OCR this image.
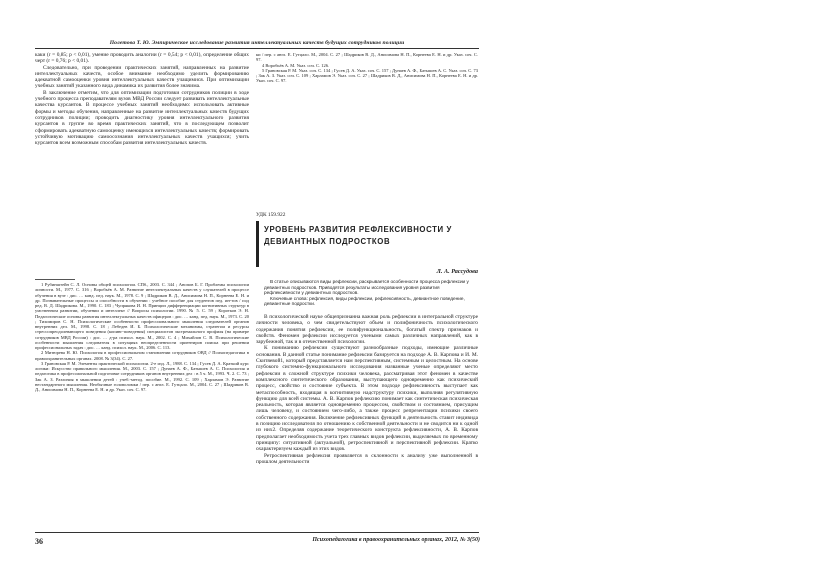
Полетова Т. Ю. Эмпирическое исследование развития интеллектуальных качеств будущих сотрудников полиции

каки (r = 0,85; p < 0,01), умение проводить аналогии (r = 0,54; p < 0,01), определение общих черт (r = 0,76; p < 0,01).

Следовательно, при проведении практических занятий, направленных на развитие интеллектуальных качеств, особое внимание необходимо уделить формированию адекватной самооценки уровня интеллектуальных качеств учащимися. При оптимизации учебных занятий указанного вида динамика их развития более значима.

В заключение отметим, что для оптимизации подготовки сотрудников полиции в ходе учебного процесса преподавателям вузов МВД России следует развивать интеллектуальные качества курсантов. В процессе учебных занятий необходимо: использовать активные формы и методы обучения, направленные на развитие интеллектуальных качеств будущих сотрудников полиции; проводить диагностику уровня интеллектуального развития курсантов в группе во время практических занятий, что в последующем позволит сформировать адекватную самооценку имеющихся интеллектуальных качеств; формировать устойчивую мотивацию самоосознания интеллектуальных качеств учащихся; учить курсантов всем возможным способам развития интеллектуальных качеств.

1 Рубинштейн С. Л. Основы общей психологии. СПб., 2003. С. 344 ; Анопов Б. Г. Проблемы психологии личности. М., 1977. С. 316 ; Воробьёв А. М. Развитие интеллектуальных качеств у слушателей в процессе обучения в вузе : дис. … канд. пед. наук. М., 1978. С. 9 ; Шадриков В. Д., Анисимова Н. П., Корнеева Е. Н. и др. Познавательные процессы и способности в обучении : учебное пособие для студентов пед. ин-тов / под ред. В. Д. Шадрикова. М., 1990. С. 183 ; Чупрякова И. Н. Принцип дифференциации когнитивных структур в умственном развитии, обучении и интеллект // Вопросы психологии. 1990. № 5. С. 59 ; Коротков Э. Н. Педагогические основы развития интеллектуальных качеств офицеров : дис. … канд. пед. наук. М., 1973. С. 20 ; Тихомиров С. Н. Психологические особенности профессионального мышления следователей органов внутренних дел. М., 1998. С. 18 ; Лебедев И. Б. Психологические механизмы, стратегии и ресурсы стрессопреодолевающего поведения (копинг-поведения) специалистов экстремального профиля (на примере сотрудников МВД России) : дис. … д-ра психол. наук. М., 2002. С. 4 ; Михайлов С. В. Психологические особенности мышления следователя в ситуациях неопределенности ориентиров поиска при решении профессиональных задач : дис. … канд. психол. наук. М., 2006. С. 113.

2 Митюрева Н. Ю. Психология в профессиональном становлении сотрудников ОВД // Психопедагогика в правоохранительных органах. 2008. № 3(34). С. 27.

3 Грановская Р. М. Элементы практической психологии. 2-е изд. Л., 1988. С. 134 ; Гусев Д. А. Краткий курс логики: Искусство правильного мышления. М., 2003. С. 157 ; Дунаев А. Ф., Батышев А. С. Психология и педагогика в профессиональной подготовке сотрудников органов внутренних дел : в 5 ч. М., 1993. Ч. 2. С. 73 ; Зак А. З. Различия в мышлении детей : учеб.-метод. пособие. М., 1992. С. 109 ; Харламов Э. Развитие нестандартного мышления. Необычные головоломки / пер. с англ. Е. Гутцало. М., 2004. С. 27 ; Шадриков В. Д., Анисимова Н. П., Корнеева Е. Н. и др. Указ. соч. С. 97.

ки / пер. с англ. Е. Гутцало. М., 2004. С. 27 ; Шадриков В. Д., Анисимова Н. П., Корнеева Е. Н. и др. Указ. соч. С. 97.

4 Воробьёв А. М. Указ. соч. С. 126.

5 Грановская Р. М. Указ. соч. С. 134 ; Гусев Д. А. Указ. соч. С. 157 ; Дунаев А. Ф., Батышев А. С. Указ. соч. С. 73 ; Зак А. З. Указ. соч. С. 109 ; Харламов Э. Указ. соч. С. 27 ; Шадриков В. Д., Анисимова Н. П., Корнеева Е. Н. и др. Указ. соч. С. 97.

УДК 159.922
УРОВЕНЬ РАЗВИТИЯ РЕФЛЕКСИВНОСТИ У ДЕВИАНТНЫХ ПОДРОСТКОВ
Л. А. Рассудова

В статье описываются виды рефлексии, раскрывается особенности процесса рефлексии у девиантных подростков. Приводятся результаты исследования уровня развития рефлексивности у девиантных подростков.

Ключевые слова: рефлексия, виды рефлексии, рефлексивность, девиантное поведение, девиантные подростки.

В психологической науке общепризнанна важная роль рефлексии в интегральной структуре личности человека, о чем свидетельствуют объем и полифоничность психологического содержания понятия рефлексии, ее полифункциональность, богатый спектр признаков и свойств. Феномен рефлексии исследуется учеными самых различных направлений, как в зарубежной, так и в отечественной психологии.

К пониманию рефлексии существуют разнообразные подходы, имеющие различные основания. В данной статье понимание рефлексии базируется на подходе А. В. Карпова и И. М. Скитяевой1, который представляется нам перспективным, системным и целостным. На основе глубокого системно-функционального исследования названные ученые определяют место рефлексии в сложной структуре психики человека, рассматривая этот феномен в качестве комплексного синтетического образования, выступающего одновременно как психический процесс, свойство и состояние субъекта. В этом подходе рефлексивность выступает как метаспособность, входящая в когнитивную надструктуру психики, выполняя регулятивную функцию для всей системы. А. В. Карпов рефлексию понимает как синтетическая психическая реальность, которая является одновременно процессом, свойством и состоянием, присущим лишь человеку, и состоянием чего-либо, а также процесс репрезентации психики своего собственного содержания. Включение рефлексивных функций в деятельность ставит индивида в позицию исследователя по отношению к собственной деятельности и не сводится ни к одной из них2. Определяя содержание теоретического конструкта рефлексивности, А. В. Карпов предполагает необходимость учета трех главных видов рефлексии, выделяемых по временному принципу: ситуативной (актуальной), ретроспективной и перспективной рефлексии. Кратко охарактеризуем каждый из этих видов.

Ретроспективная рефлексия проявляется в склонности к анализу уже выполненной в прошлом деятельности

36	Психопедагогика в правоохранительных органах, 2012, № 3(50)
